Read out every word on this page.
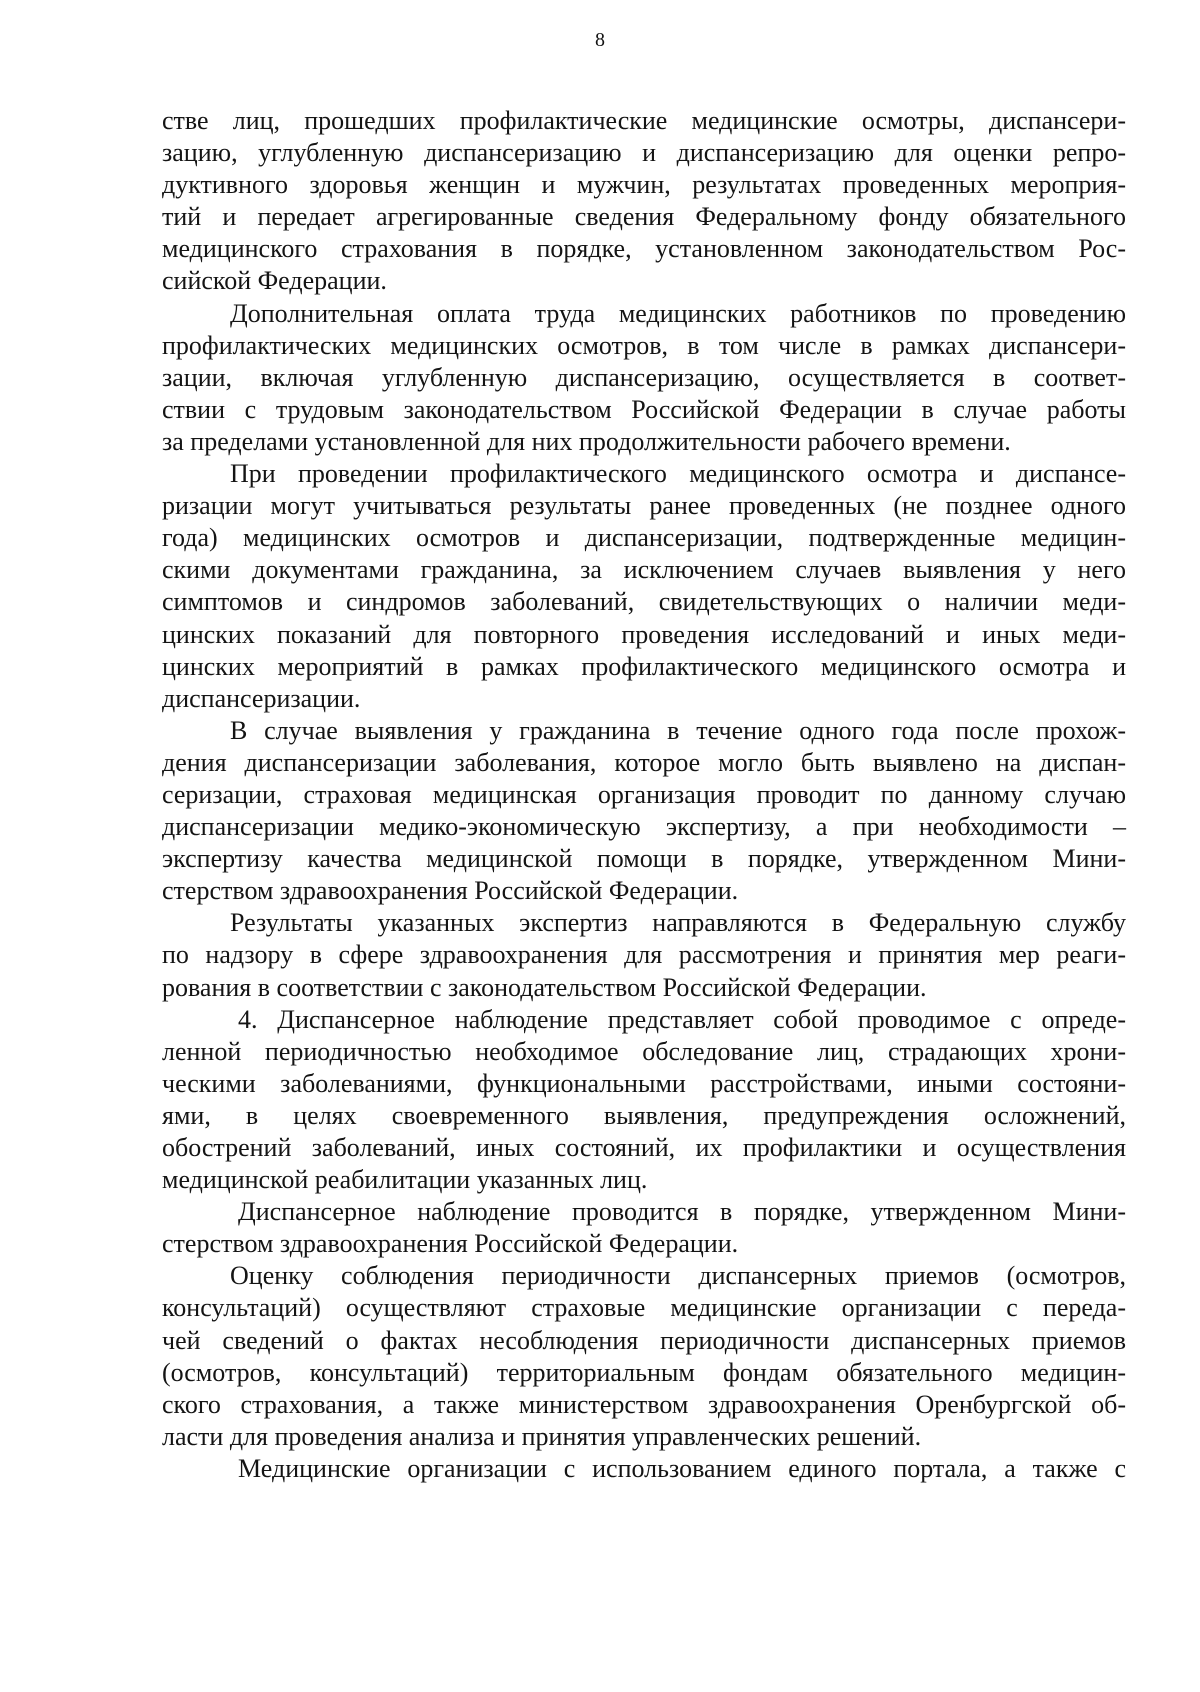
8

стве лиц, прошедших профилактические медицинские осмотры, диспансери-
зацию, углубленную диспансеризацию и диспансеризацию для оценки репро-
дуктивного здоровья женщин и мужчин, результатах проведенных мероприя-
тий и передает агрегированные сведения Федеральному фонду обязательного
медицинского страхования в порядке, установленном законодательством Рос-
сийской Федерации.

Дополнительная оплата труда медицинских работников по проведению
профилактических медицинских осмотров, в том числе в рамках диспансери-
зации, включая углубленную диспансеризацию, осуществляется в соответ-
ствии с трудовым законодательством Российской Федерации в случае работы
за пределами установленной для них продолжительности рабочего времени.

При проведении профилактического медицинского осмотра и диспансе-
ризации могут учитываться результаты ранее проведенных (не позднее одного
года) медицинских осмотров и диспансеризации, подтвержденные медицин-
скими документами гражданина, за исключением случаев выявления у него
симптомов и синдромов заболеваний, свидетельствующих о наличии меди-
цинских показаний для повторного проведения исследований и иных меди-
цинских мероприятий в рамках профилактического медицинского осмотра и
диспансеризации.

В случае выявления у гражданина в течение одного года после прохож-
дения диспансеризации заболевания, которое могло быть выявлено на диспан-
серизации, страховая медицинская организация проводит по данному случаю
диспансеризации медико-экономическую экспертизу, а при необходимости –
экспертизу качества медицинской помощи в порядке, утвержденном Мини-
стерством здравоохранения Российской Федерации.

Результаты указанных экспертиз направляются в Федеральную службу
по надзору в сфере здравоохранения для рассмотрения и принятия мер реаги-
рования в соответствии с законодательством Российской Федерации.

4. Диспансерное наблюдение представляет собой проводимое с опреде-
ленной периодичностью необходимое обследование лиц, страдающих хрони-
ческими заболеваниями, функциональными расстройствами, иными состояни-
ями, в целях своевременного выявления, предупреждения осложнений,
обострений заболеваний, иных состояний, их профилактики и осуществления
медицинской реабилитации указанных лиц.

Диспансерное наблюдение проводится в порядке, утвержденном Мини-
стерством здравоохранения Российской Федерации.

Оценку соблюдения периодичности диспансерных приемов (осмотров,
консультаций) осуществляют страховые медицинские организации с переда-
чей сведений о фактах несоблюдения периодичности диспансерных приемов
(осмотров, консультаций) территориальным фондам обязательного медицин-
ского страхования, а также министерством здравоохранения Оренбургской об-
ласти для проведения анализа и принятия управленческих решений.

Медицинские организации с использованием единого портала, а также с
